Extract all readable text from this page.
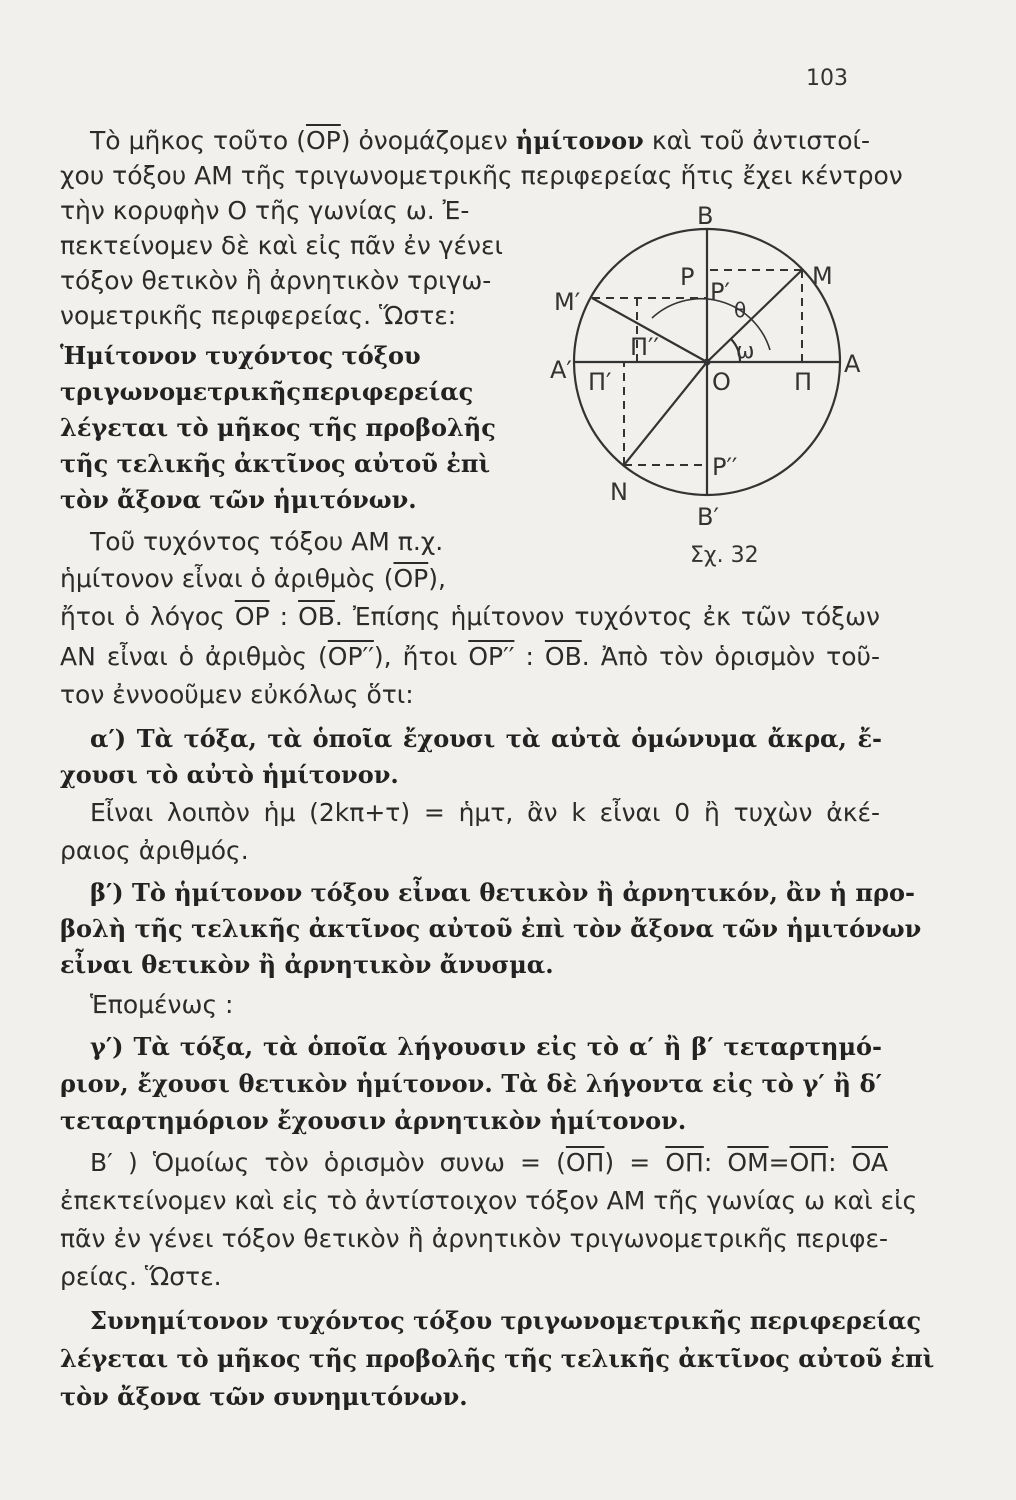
103
Τὸ μῆκος τοῦτο $(\overline{OP})$ ὀνομάζομεν ἡμίτονον καὶ τοῦ ἀντιστοί-
χου τόξου ΑΜ τῆς τριγωνομετρικῆς περιφερείας ἥτις ἔχει κέντρον
τὴν κορυφὴν Ο τῆς γωνίας ω. Ἐ-
πεκτείνομεν δὲ καὶ εἰς πᾶν ἐν γένει
τόξον θετικὸν ἢ ἀρνητικὸν τριγω-
νομετρικῆς περιφερείας. Ὥστε:
Ἡμίτονον τυχόντος τόξου
τριγωνομετρικῆς περιφερείας
λέγεται τὸ μῆκος τῆς προβολῆς
τῆς τελικῆς ἀκτῖνος αὐτοῦ ἐπὶ
τὸν ἄξονα τῶν ἡμιτόνων.
Τοῦ τυχόντος τόξου ΑΜ π.χ.
ἡμίτονον εἶναι ὁ ἀριθμὸς $(\overline{OP})$,
ἤτοι ὁ λόγος $\overline{OP}$ : $\overline{OB}$. Ἐπίσης ἡμίτονον τυχόντος ἐκ τῶν τόξων
ΑΝ εἶναι ὁ ἀριθμὸς (OP′′), ἤτοι OP′′ : $\overline{OB}$. Ἀπὸ τὸν ὁρισμὸν τοῦ-
τον ἐννοοῦμεν εὐκόλως ὅτι:
α′) Τὰ τόξα, τὰ ὁποῖα ἔχουσι τὰ αὐτὰ ὁμώνυμα ἄκρα, ἔ-
χουσι τὸ αὐτὸ ἡμίτονον.
Εἶναι λοιπὸν ἡμ (2kπ+τ) = ἡμτ, ἂν k εἶναι 0 ἢ τυχὼν ἀκέ-
ραιος ἀριθμός.
β′) Τὸ ἡμίτονον τόξου εἶναι θετικὸν ἢ ἀρνητικόν, ἂν ἡ προ-
βολὴ τῆς τελικῆς ἀκτῖνος αὐτοῦ ἐπὶ τὸν ἄξονα τῶν ἡμιτόνων
εἶναι θετικὸν ἢ ἀρνητικὸν ἄνυσμα.
Ἑπομένως :
γ′) Τὰ τόξα, τὰ ὁποῖα λήγουσιν εἰς τὸ α′ ἢ β′ τεταρτημό-
ριον, ἔχουσι θετικὸν ἡμίτονον. Τὰ δὲ λήγοντα εἰς τὸ γ′ ἢ δ′
τεταρτημόριον ἔχουσιν ἀρνητικὸν ἡμίτονον.
Β′ ) Ὁμοίως τὸν ὁρισμὸν $\sigma\upsilon\nu\omega = (\overline{O\Pi}) = \overline{O\Pi}$: $\overline{OM}=\overline{O\Pi}$: $\overline{OA}$
ἐπεκτείνομεν καὶ εἰς τὸ ἀντίστοιχον τόξον ΑΜ τῆς γωνίας ω καὶ εἰς
πᾶν ἐν γένει τόξον θετικὸν ἢ ἀρνητικὸν τριγωνομετρικῆς περιφε-
ρείας. Ὥστε.
Συνημίτονον τυχόντος τόξου τριγωνομετρικῆς περιφερείας
λέγεται τὸ μῆκος τῆς προβολῆς τῆς τελικῆς ἀκτῖνος αὐτοῦ ἐπὶ
τὸν ἄξονα τῶν συνημιτόνων.
B
B′
M
M′
P
P′
θ
ω
Π′′
A
A′ Π′	O	Π
P′′
N
Σχ. 32
